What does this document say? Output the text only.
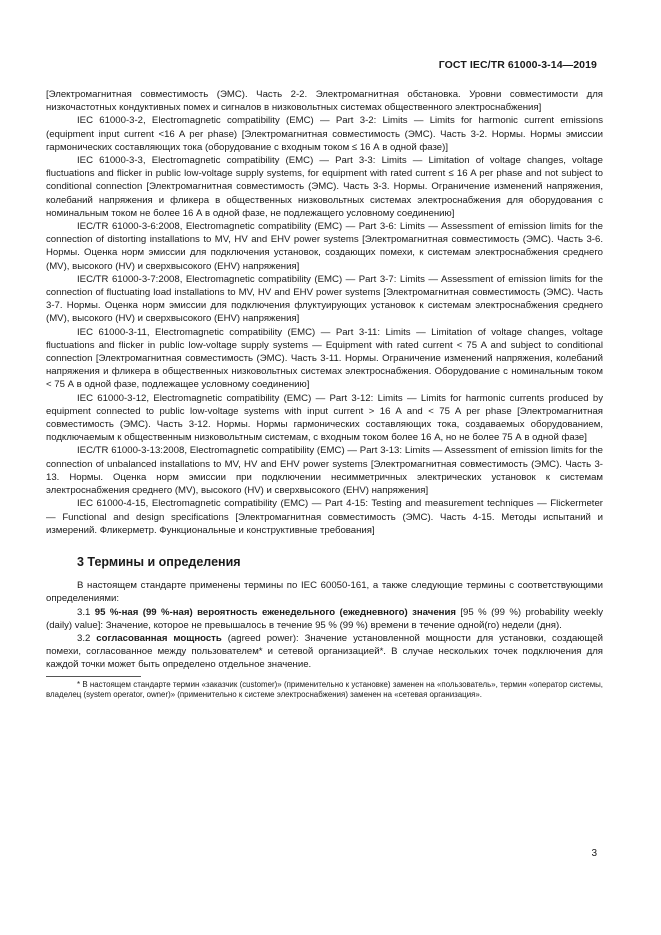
ГОСТ IEC/TR 61000-3-14—2019

[Электромагнитная совместимость (ЭМС). Часть 2-2. Электромагнитная обстановка. Уровни совместимости для низкочастотных кондуктивных помех и сигналов в низковольтных системах общественного электроснабжения]

IEC 61000-3-2, Electromagnetic compatibility (EMC) — Part 3-2: Limits — Limits for harmonic current emissions (equipment input current <16 A per phase) [Электромагнитная совместимость (ЭМС). Часть 3-2. Нормы. Нормы эмиссии гармонических составляющих тока (оборудование с входным током ≤ 16 А в одной фазе)]

IEC 61000-3-3, Electromagnetic compatibility (EMC) — Part 3-3: Limits — Limitation of voltage changes, voltage fluctuations and flicker in public low-voltage supply systems, for equipment with rated current ≤ 16 A per phase and not subject to conditional connection [Электромагнитная совместимость (ЭМС). Часть 3-3. Нормы. Ограничение изменений напряжения, колебаний напряжения и фликера в общественных низковольтных системах электроснабжения для оборудования с номинальным током не более 16 А в одной фазе, не подлежащего условному соединению]

IEC/TR 61000-3-6:2008, Electromagnetic compatibility (EMC) — Part 3-6: Limits — Assessment of emission limits for the connection of distorting installations to MV, HV and EHV power systems [Электромагнитная совместимость (ЭМС). Часть 3-6. Нормы. Оценка норм эмиссии для подключения установок, создающих помехи, к системам электроснабжения среднего (MV), высокого (HV) и сверхвысокого (EHV) напряжения]

IEC/TR 61000-3-7:2008, Electromagnetic compatibility (EMC) — Part 3-7: Limits — Assessment of emission limits for the connection of fluctuating load installations to MV, HV and EHV power systems [Электромагнитная совместимость (ЭМС). Часть 3-7. Нормы. Оценка норм эмиссии для подключения флуктуирующих установок к системам электроснабжения среднего (MV), высокого (HV) и сверхвысокого (EHV) напряжения]

IEC 61000-3-11, Electromagnetic compatibility (EMC) — Part 3-11: Limits — Limitation of voltage changes, voltage fluctuations and flicker in public low-voltage supply systems — Equipment with rated current < 75 A and subject to conditional connection [Электромагнитная совместимость (ЭМС). Часть 3-11. Нормы. Ограничение изменений напряжения, колебаний напряжения и фликера в общественных низковольтных системах электроснабжения. Оборудование с номинальным током < 75 А в одной фазе, подлежащее условному соединению]

IEC 61000-3-12, Electromagnetic compatibility (EMC) — Part 3-12: Limits — Limits for harmonic currents produced by equipment connected to public low-voltage systems with input current > 16 A and < 75 A per phase [Электромагнитная совместимость (ЭМС). Часть 3-12. Нормы. Нормы гармонических составляющих тока, создаваемых оборудованием, подключаемым к общественным низковольтным системам, с входным током более 16 А, но не более 75 А в одной фазе]

IEC/TR 61000-3-13:2008, Electromagnetic compatibility (EMC) — Part 3-13: Limits — Assessment of emission limits for the connection of unbalanced installations to MV, HV and EHV power systems [Электромагнитная совместимость (ЭМС). Часть 3-13. Нормы. Оценка норм эмиссии при подключении несимметричных электрических установок к системам электроснабжения среднего (MV), высокого (HV) и сверхвысокого (EHV) напряжения]

IEC 61000-4-15, Electromagnetic compatibility (EMC) — Part 4-15: Testing and measurement techniques — Flickermeter — Functional and design specifications [Электромагнитная совместимость (ЭМС). Часть 4-15. Методы испытаний и измерений. Фликерметр. Функциональные и конструктивные требования]

3 Термины и определения

В настоящем стандарте применены термины по IEC 60050-161, а также следующие термины с соответствующими определениями:

3.1 95 %-ная (99 %-ная) вероятность еженедельного (ежедневного) значения [95 % (99 %) probability weekly (daily) value]: Значение, которое не превышалось в течение 95 % (99 %) времени в течение одной(го) недели (дня).

3.2 согласованная мощность (agreed power): Значение установленной мощности для установки, создающей помехи, согласованное между пользователем* и сетевой организацией*. В случае нескольких точек подключения для каждой точки может быть определено отдельное значение.

* В настоящем стандарте термин «заказчик (customer)» (применительно к установке) заменен на «пользователь», термин «оператор системы, владелец (system operator, owner)» (применительно к системе электроснабжения) заменен на «сетевая организация».

3
